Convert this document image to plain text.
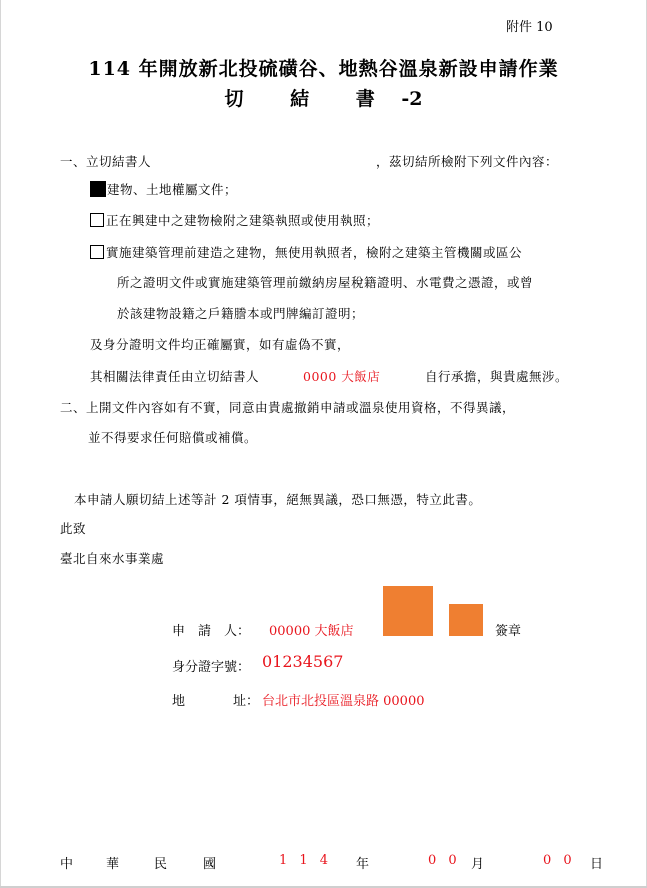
附件 10
114 年開放新北投硫磺谷、地熱谷溫泉新設申請作業
切 結 書 -2
一、立切結書人	，茲切結所檢附下列文件內容：
建物、土地權屬文件；
正在興建中之建物檢附之建築執照或使用執照；
實施建築管理前建造之建物，無使用執照者，檢附之建築主管機關或區公
所之證明文件或實施建築管理前繳納房屋稅籍證明、水電費之憑證，或曾
於該建物設籍之戶籍謄本或門牌編訂證明；
及身分證明文件均正確屬實，如有虛偽不實，
其相關法律責任由立切結書人	0000 大飯店	自行承擔，與貴處無涉。
二、上開文件內容如有不實，同意由貴處撤銷申請或溫泉使用資格，不得異議，
並不得要求任何賠償或補償。
本申請人願切結上述等計 2 項情事，絕無異議，恐口無憑，特立此書。
此致
臺北自來水事業處
申　請　人： 00000 大飯店	簽章
身分證字號： 01234567
地	址： 台北市北投區溫泉路 00000
中	華	民	國	1 1 4 年	0 0 月	0 0 日
